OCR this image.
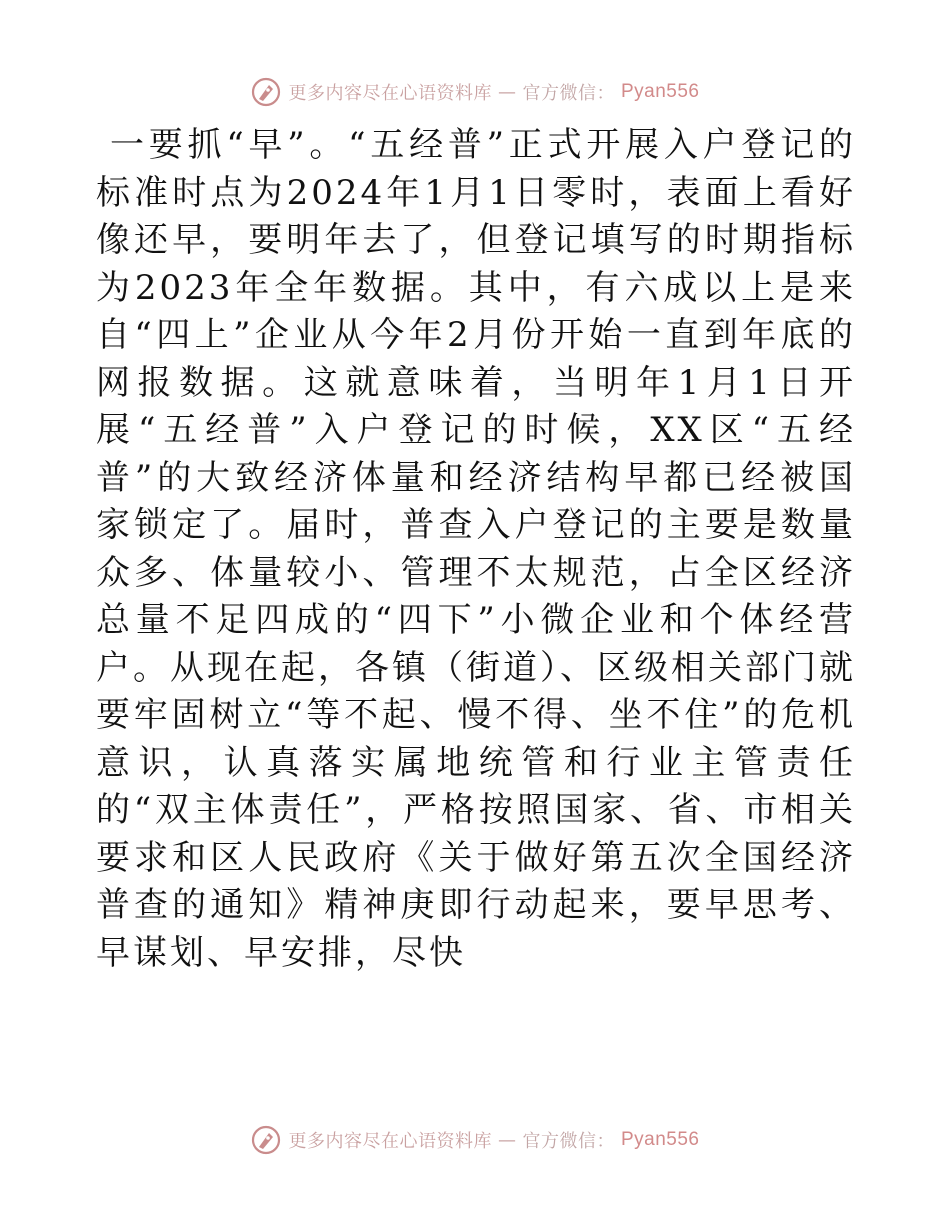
更多内容尽在心语资料库 — 官方微信： Pyan556

一要抓“早”。“五经普”正式开展入户登记的标准时点为2024年1月1日零时，表面上看好像还早，要明年去了，但登记填写的时期指标为2023年全年数据。其中，有六成以上是来自“四上”企业从今年2月份开始一直到年底的网报数据。这就意味着，当明年1月1日开展“五经普”入户登记的时候，XX区“五经普”的大致经济体量和经济结构早都已经被国家锁定了。届时，普查入户登记的主要是数量众多、体量较小、管理不太规范，占全区经济总量不足四成的“四下”小微企业和个体经营户。从现在起，各镇（街道）、区级相关部门就要牢固树立“等不起、慢不得、坐不住”的危机意识，认真落实属地统管和行业主管责任的“双主体责任”，严格按照国家、省、市相关要求和区人民政府《关于做好第五次全国经济普查的通知》精神庚即行动起来，要早思考、早谋划、早安排，尽快

更多内容尽在心语资料库 — 官方微信： Pyan556
